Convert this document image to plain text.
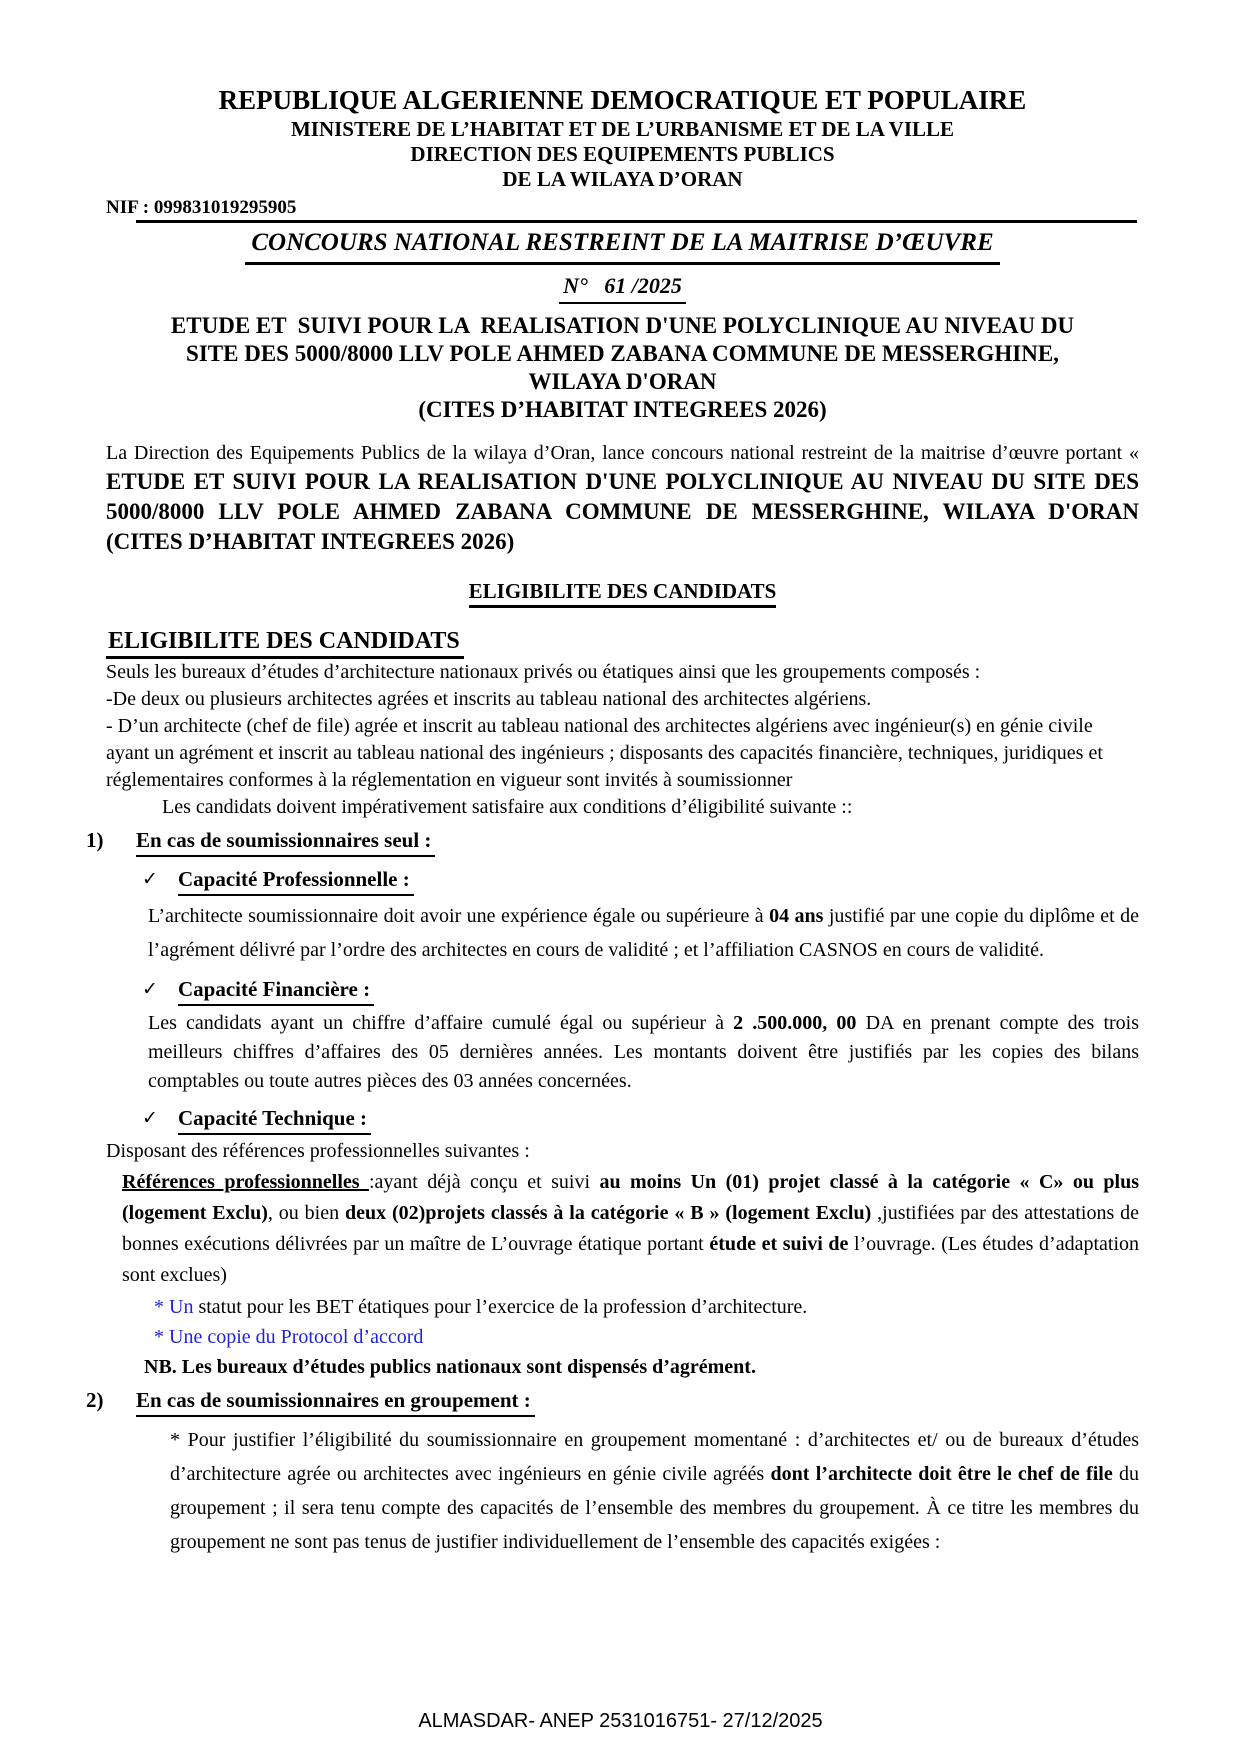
REPUBLIQUE ALGERIENNE DEMOCRATIQUE ET POPULAIRE
MINISTERE DE L’HABITAT ET DE L’URBANISME ET DE LA VILLE
DIRECTION DES EQUIPEMENTS PUBLICS
DE LA WILAYA D’ORAN
NIF : 099831019295905
CONCOURS NATIONAL RESTREINT DE LA MAITRISE D’ŒUVRE
N°   61 /2025
ETUDE ET  SUIVI POUR LA  REALISATION D'UNE POLYCLINIQUE AU NIVEAU DU
SITE DES 5000/8000 LLV POLE AHMED ZABANA COMMUNE DE MESSERGHINE,
WILAYA D'ORAN
(CITES D’HABITAT INTEGREES 2026)
La Direction des Equipements Publics de la wilaya d’Oran, lance concours national restreint de la maitrise d’œuvre portant « ETUDE ET SUIVI POUR LA REALISATION D'UNE POLYCLINIQUE AU NIVEAU DU SITE DES 5000/8000 LLV POLE AHMED ZABANA COMMUNE DE MESSERGHINE, WILAYA D'ORAN (CITES D’HABITAT INTEGREES 2026)
ELIGIBILITE DES CANDIDATS
ELIGIBILITE DES CANDIDATS
Seuls les bureaux d’études d’architecture nationaux privés ou étatiques ainsi que les groupements composés :
-De deux ou plusieurs architectes agrées et inscrits au tableau national des architectes algériens.
- D’un architecte (chef de file) agrée et inscrit au tableau national des architectes algériens avec ingénieur(s) en génie civile ayant un agrément et inscrit au tableau national des ingénieurs ; disposants des capacités financière, techniques, juridiques et réglementaires conformes à la réglementation en vigueur sont invités à soumissionner
Les candidats doivent impérativement satisfaire aux conditions d’éligibilité suivante ::
1)	En cas de soumissionnaires seul :
✓ Capacité Professionnelle :
L’architecte soumissionnaire doit avoir une expérience égale ou supérieure à 04 ans justifié par une copie du diplôme et de l’agrément délivré par l’ordre des architectes en cours de validité ; et l’affiliation CASNOS en cours de validité.
✓ Capacité Financière :
Les candidats ayant un chiffre d’affaire cumulé égal ou supérieur à 2 .500.000, 00 DA en prenant compte des trois meilleurs chiffres d’affaires des 05 dernières années. Les montants doivent être justifiés par les copies des bilans comptables ou toute autres pièces des 03 années concernées.
✓ Capacité Technique :
Disposant des références professionnelles suivantes :
Références professionnelles :ayant déjà conçu et suivi au moins Un (01) projet classé à la catégorie « C» ou plus (logement Exclu), ou bien deux (02)projets classés à la catégorie « B » (logement Exclu) ,justifiées par des attestations de bonnes exécutions délivrées par un maître de L’ouvrage étatique portant étude et suivi de l’ouvrage. (Les études d’adaptation sont exclues)
* Un statut pour les BET étatiques pour l’exercice de la profession d’architecture.
* Une copie du Protocol d’accord
NB. Les bureaux d’études publics nationaux sont dispensés d’agrément.
2)	En cas de soumissionnaires en groupement :
* Pour justifier l’éligibilité du soumissionnaire en groupement momentané : d’architectes et/ ou de bureaux d’études d’architecture agrée ou architectes avec ingénieurs en génie civile agréés dont l’architecte doit être le chef de file du groupement ; il sera tenu compte des capacités de l’ensemble des membres du groupement. À ce titre les membres du groupement ne sont pas tenus de justifier individuellement de l’ensemble des capacités exigées :
ALMASDAR- ANEP 2531016751- 27/12/2025
